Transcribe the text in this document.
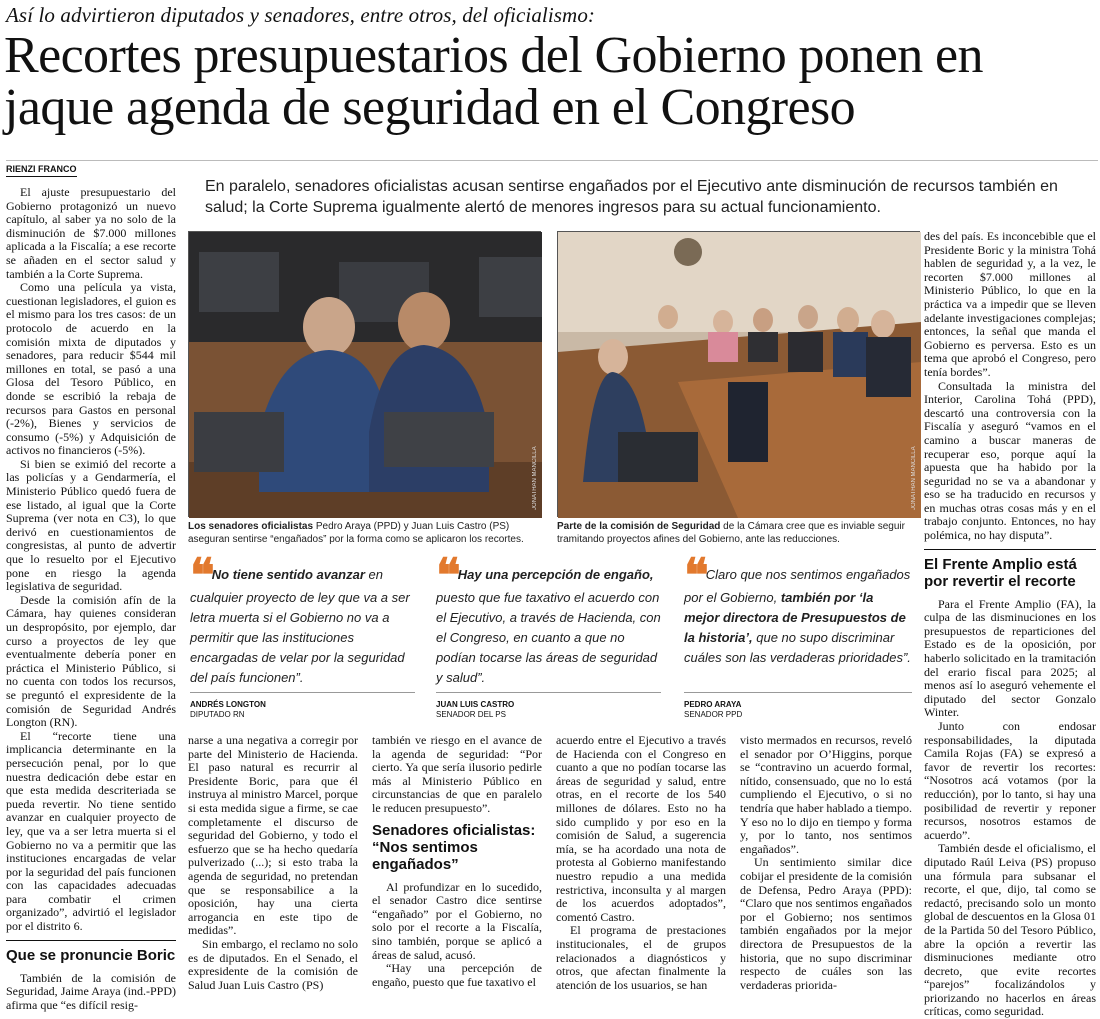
Así lo advirtieron diputados y senadores, entre otros, del oficialismo:
Recortes presupuestarios del Gobierno ponen en jaque agenda de seguridad en el Congreso
RIENZI FRANCO
En paralelo, senadores oficialistas acusan sentirse engañados por el Ejecutivo ante disminución de recursos también en salud; la Corte Suprema igualmente alertó de menores ingresos para su actual funcionamiento.

El ajuste presupuestario del Gobierno protagonizó un nuevo capítulo, al saber ya no solo de la disminución de $7.000 millones aplicada a la Fiscalía; a ese recorte se añaden en el sector salud y también a la Corte Suprema.

Como una película ya vista, cuestionan legisladores, el guion es el mismo para los tres casos: de un protocolo de acuerdo en la comisión mixta de diputados y senadores, para reducir $544 mil millones en total, se pasó a una Glosa del Tesoro Público, en donde se escribió la rebaja de recursos para Gastos en personal (-2%), Bienes y servicios de consumo (-5%) y Adquisición de activos no financieros (-5%).

Si bien se eximió del recorte a las policías y a Gendarmería, el Ministerio Público quedó fuera de ese listado, al igual que la Corte Suprema (ver nota en C3), lo que derivó en cuestionamientos de congresistas, al punto de advertir que lo resuelto por el Ejecutivo pone en riesgo la agenda legislativa de seguridad.

Desde la comisión afín de la Cámara, hay quienes consideran un despropósito, por ejemplo, dar curso a proyectos de ley que eventualmente debería poner en práctica el Ministerio Público, si no cuenta con todos los recursos, se preguntó el expresidente de la comisión de Seguridad Andrés Longton (RN).

El “recorte tiene una implicancia determinante en la persecución penal, por lo que nuestra dedicación debe estar en que esta medida descriteriada se pueda revertir. No tiene sentido avanzar en cualquier proyecto de ley, que va a ser letra muerta si el Gobierno no va a permitir que las instituciones encargadas de velar por la seguridad del país funcionen con las capacidades adecuadas para combatir el crimen organizado”, advirtió el legislador por el distrito 6.

Que se pronuncie Boric

También de la comisión de Seguridad, Jaime Araya (ind.-PPD) afirma que “es difícil resig-

JONATHAN MANCILLA
Los senadores oficialistas Pedro Araya (PPD) y Juan Luis Castro (PS) aseguran sentirse “engañados” por la forma como se aplicaron los recortes.
JONATHAN MANCILLA
Parte de la comisión de Seguridad de la Cámara cree que es inviable seguir tramitando proyectos afines del Gobierno, ante las reducciones.

des del país. Es inconcebible que el Presidente Boric y la ministra Tohá hablen de seguridad y, a la vez, le recorten $7.000 millones al Ministerio Público, lo que en la práctica va a impedir que se lleven adelante investigaciones complejas; entonces, la señal que manda el Gobierno es perversa. Esto es un tema que aprobó el Congreso, pero tenía bordes”.

Consultada la ministra del Interior, Carolina Tohá (PPD), descartó una controversia con la Fiscalía y aseguró “vamos en el camino a buscar maneras de recuperar eso, porque aquí la apuesta que ha habido por la seguridad no se va a abandonar y eso se ha traducido en recursos y en muchas otras cosas más y en el trabajo conjunto. Entonces, no hay polémica, no hay disputa”.

El Frente Amplio está por revertir el recorte

Para el Frente Amplio (FA), la culpa de las disminuciones en los presupuestos de reparticiones del Estado es de la oposición, por haberlo solicitado en la tramitación del erario fiscal para 2025; al menos así lo aseguró vehemente el diputado del sector Gonzalo Winter.

Junto con endosar responsabilidades, la diputada Camila Rojas (FA) se expresó a favor de revertir los recortes: “Nosotros acá votamos (por la reducción), por lo tanto, si hay una posibilidad de revertir y reponer recursos, nosotros estamos de acuerdo”.

También desde el oficialismo, el diputado Raúl Leiva (PS) propuso una fórmula para subsanar el recorte, el que, dijo, tal como se redactó, precisando solo un monto global de descuentos en la Glosa 01 de la Partida 50 del Tesoro Público, abre la opción a revertir las disminuciones mediante otro decreto, que evite recortes “parejos” focalizándolos y priorizando no hacerlos en áreas críticas, como seguridad.

❝ No tiene sentido avanzar en cualquier proyecto de ley que va a ser letra muerta si el Gobierno no va a permitir que las instituciones encargadas de velar por la seguridad del país funcionen”.
ANDRÉS LONGTON
DIPUTADO RN
❝ Hay una percepción de engaño, puesto que fue taxativo el acuerdo con el Ejecutivo, a través de Hacienda, con el Congreso, en cuanto a que no podían tocarse las áreas de seguridad y salud”.
JUAN LUIS CASTRO
SENADOR DEL PS
❝ Claro que nos sentimos engañados por el Gobierno, también por ‘la mejor directora de Presupuestos de la historia’, que no supo discriminar cuáles son las verdaderas prioridades”.
PEDRO ARAYA
SENADOR PPD

narse a una negativa a corregir por parte del Ministerio de Hacienda. El paso natural es recurrir al Presidente Boric, para que él instruya al ministro Marcel, porque si esta medida sigue a firme, se cae completamente el discurso de seguridad del Gobierno, y todo el esfuerzo que se ha hecho quedaría pulverizado (...); si esto traba la agenda de seguridad, no pretendan que se responsabilice a la oposición, hay una cierta arrogancia en este tipo de medidas”.

Sin embargo, el reclamo no solo es de diputados. En el Senado, el expresidente de la comisión de Salud Juan Luis Castro (PS)

también ve riesgo en el avance de la agenda de seguridad: “Por cierto. Ya que sería ilusorio pedirle más al Ministerio Público en circunstancias de que en paralelo le reducen presupuesto”.

Senadores oficialistas: “Nos sentimos engañados”

Al profundizar en lo sucedido, el senador Castro dice sentirse “engañado” por el Gobierno, no solo por el recorte a la Fiscalía, sino también, porque se aplicó a áreas de salud, acusó.

“Hay una percepción de engaño, puesto que fue taxativo el

acuerdo entre el Ejecutivo a través de Hacienda con el Congreso en cuanto a que no podían tocarse las áreas de seguridad y salud, entre otras, en el recorte de los 540 millones de dólares. Esto no ha sido cumplido y por eso en la comisión de Salud, a sugerencia mía, se ha acordado una nota de protesta al Gobierno manifestando nuestro repudio a una medida restrictiva, inconsulta y al margen de los acuerdos adoptados”, comentó Castro.

El programa de prestaciones institucionales, el de grupos relacionados a diagnósticos y otros, que afectan finalmente la atención de los usuarios, se han

visto mermados en recursos, reveló el senador por O’Higgins, porque se “contravino un acuerdo formal, nítido, consensuado, que no lo está cumpliendo el Ejecutivo, o si no tendría que haber hablado a tiempo. Y eso no lo dijo en tiempo y forma y, por lo tanto, nos sentimos engañados”.

Un sentimiento similar dice cobijar el presidente de la comisión de Defensa, Pedro Araya (PPD): “Claro que nos sentimos engañados por el Gobierno; nos sentimos también engañados por la mejor directora de Presupuestos de la historia, que no supo discriminar respecto de cuáles son las verdaderas priorida-
